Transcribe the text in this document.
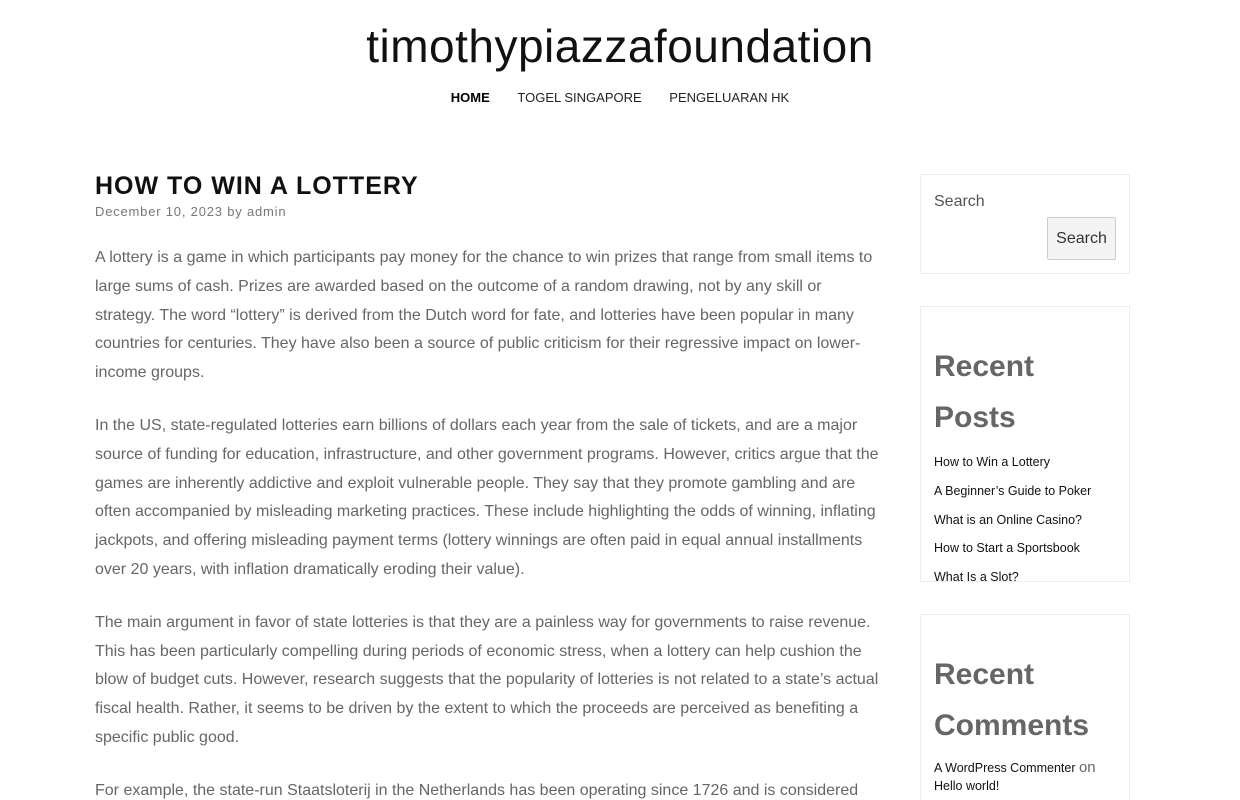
timothypiazzafoundation
HOME TOGEL SINGAPORE PENGELUARAN HK
HOW TO WIN A LOTTERY
December 10, 2023 by admin

A lottery is a game in which participants pay money for the chance to win prizes that range from small items to large sums of cash. Prizes are awarded based on the outcome of a random drawing, not by any skill or strategy. The word “lottery” is derived from the Dutch word for fate, and lotteries have been popular in many countries for centuries. They have also been a source of public criticism for their regressive impact on lower-income groups.

In the US, state-regulated lotteries earn billions of dollars each year from the sale of tickets, and are a major source of funding for education, infrastructure, and other government programs. However, critics argue that the games are inherently addictive and exploit vulnerable people. They say that they promote gambling and are often accompanied by misleading marketing practices. These include highlighting the odds of winning, inflating jackpots, and offering misleading payment terms (lottery winnings are often paid in equal annual installments over 20 years, with inflation dramatically eroding their value).

The main argument in favor of state lotteries is that they are a painless way for governments to raise revenue. This has been particularly compelling during periods of economic stress, when a lottery can help cushion the blow of budget cuts. However, research suggests that the popularity of lotteries is not related to a state’s actual fiscal health. Rather, it seems to be driven by the extent to which the proceeds are perceived as benefiting a specific public good.

For example, the state-run Staatsloterij in the Netherlands has been operating since 1726 and is considered

Search
Search
Recent Posts
How to Win a Lottery
A Beginner’s Guide to Poker
What is an Online Casino?
How to Start a Sportsbook
What Is a Slot?
Recent Comments
A WordPress Commenter on
Hello world!
